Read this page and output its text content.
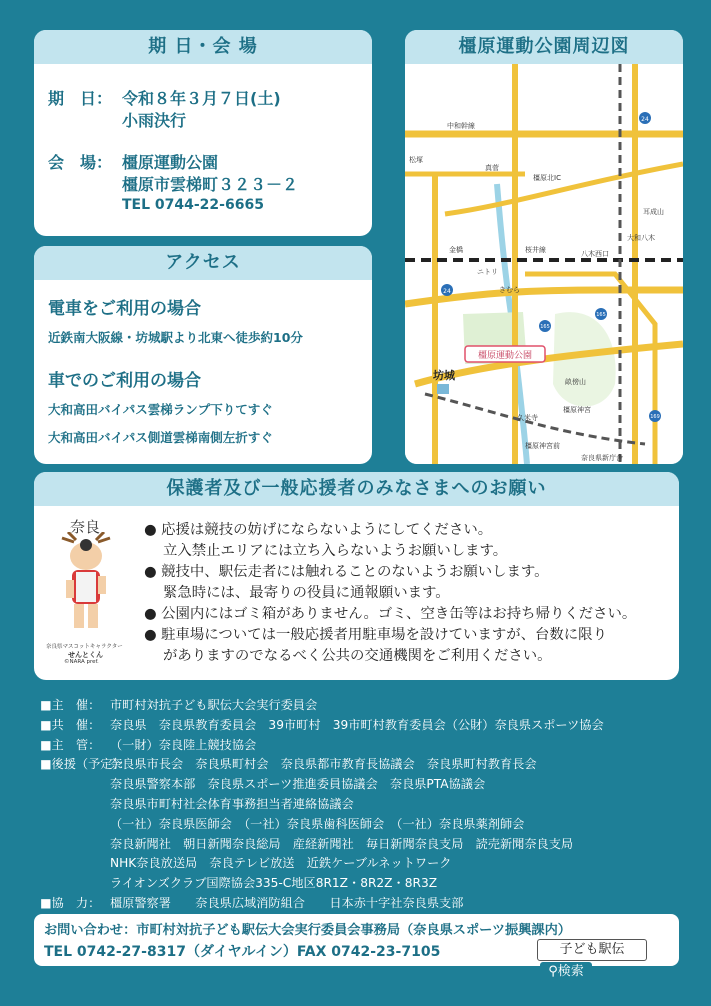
期 日・会 場
期　日： 令和８年３月７日(土)
小雨決行
会　場： 橿原運動公園
橿原市雲梯町３２３－２
TEL 0744-22-6665
アクセス
電車をご利用の場合
近鉄南大阪線・坊城駅より北東へ徒歩約10分
車でのご利用の場合
大和高田バイパス雲梯ランプ下りてすぐ
大和高田バイパス側道雲梯南側左折すぐ
橿原運動公園周辺図
橿原運動公園
坊城
中和幹線
八木西口
大和八木
畝傍山
橿原神宮
ニトリ
きむら
久米寺
橿原神宮前
奈良県新庁舎
桜井線
金橋
真菅
松塚
橿原北IC
耳成山
24
24
165
165
169
保護者及び一般応援者のみなさまへのお願い
奈良
奈良県マスコットキャラクター
せんとくん
©NARA pref.
● 応援は競技の妨げにならないようにしてください。
　 立入禁止エリアには立ち入らないようお願いします。
● 競技中、駅伝走者には触れることのないようお願いします。
　 緊急時には、最寄りの役員に通報願います。
● 公園内にはゴミ箱がありません。ゴミ、空き缶等はお持ち帰りください。
● 駐車場については一般応援者用駐車場を設けていますが、台数に限り
　 がありますのでなるべく公共の交通機関をご利用ください。
■主　催： 市町村対抗子ども駅伝大会実行委員会
■共　催： 奈良県　奈良県教育委員会　39市町村　39市町村教育委員会（公財）奈良県スポーツ協会
■主　管： （一財）奈良陸上競技協会
■後援（予定）：
奈良県市長会　奈良県町村会　奈良県都市教育長協議会　奈良県町村教育長会
奈良県警察本部　奈良県スポーツ推進委員協議会　奈良県PTA協議会
奈良県市町村社会体育事務担当者連絡協議会
（一社）奈良県医師会　（一社）奈良県歯科医師会　（一社）奈良県薬剤師会
奈良新聞社　朝日新聞奈良総局　産経新聞社　毎日新聞奈良支局　読売新聞奈良支局
NHK奈良放送局　奈良テレビ放送　近鉄ケーブルネットワーク
ライオンズクラブ国際協会335-C地区8R1Z・8R2Z・8R3Z
■協　力： 橿原警察署　　奈良県広域消防組合　　日本赤十字社奈良県支部
お問い合わせ：市町村対抗子ども駅伝大会実行委員会事務局（奈良県スポーツ振興課内）
TEL 0742-27-8317（ダイヤルイン）FAX 0742-23-7105	子ども駅伝⚲検索
